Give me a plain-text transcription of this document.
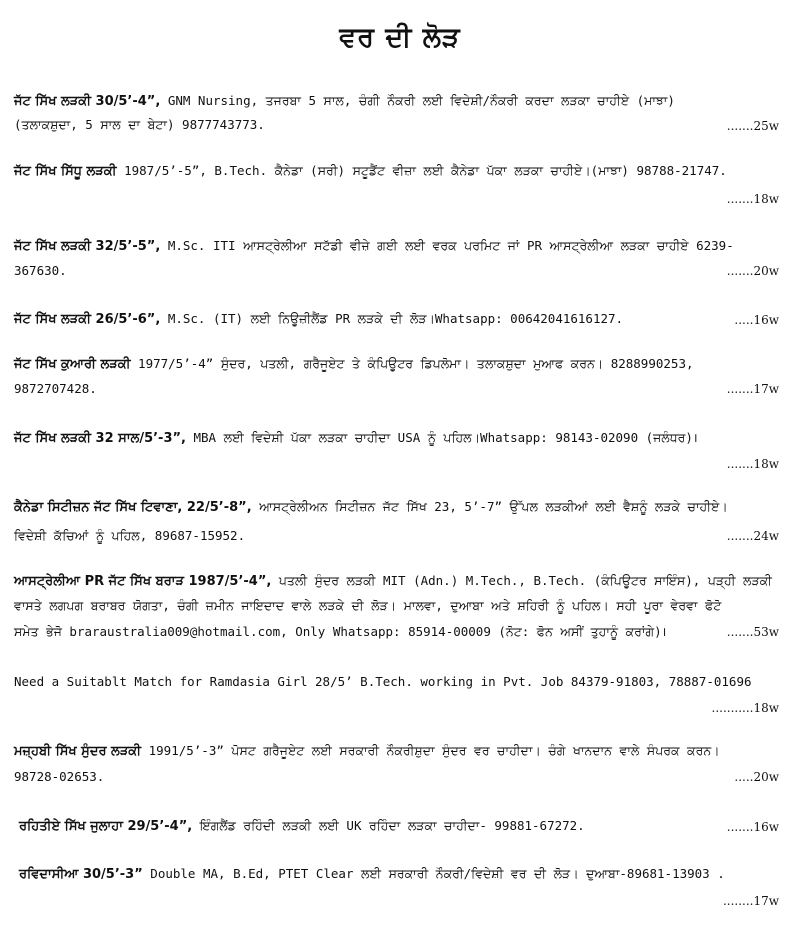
ਵਰ ਦੀ ਲੋੜ
ਜੱਟ ਸਿੱਖ ਲੜਕੀ 30/5’-4”, GNM Nursing, ਤਜਰਬਾ 5 ਸਾਲ, ਚੰਗੀ ਨੌਕਰੀ ਲਈ ਵਿਦੇਸ਼ੀ/ਨੌਕਰੀ ਕਰਦਾ ਲੜਕਾ ਚਾਹੀਏ (ਮਾਝਾ)
(ਤਲਾਕਸ਼ੁਦਾ, 5 ਸਾਲ ਦਾ ਬੇਟਾ) 9877743773.	.......25w
ਜੱਟ ਸਿੱਖ ਸਿੱਧੂ ਲੜਕੀ 1987/5’-5”, B.Tech. ਕੈਨੇਡਾ (ਸਰੀ) ਸਟੂਡੈਂਟ ਵੀਜ਼ਾ ਲਈ ਕੈਨੇਡਾ ਪੱਕਾ ਲੜਕਾ ਚਾਹੀਏ।(ਮਾਝਾ) 98788-21747.
.......18w
ਜੱਟ ਸਿੱਖ ਲੜਕੀ 32/5’-5”, M.Sc. ITI ਆਸਟ੍ਰੇਲੀਆ ਸਟੱਡੀ ਵੀਜ਼ੇ ਗਈ ਲਈ ਵਰਕ ਪਰਮਿਟ ਜਾਂ PR ਆਸਟ੍ਰੇਲੀਆ ਲੜਕਾ ਚਾਹੀਏ 6239-
367630.	.......20w
ਜੱਟ ਸਿੱਖ ਲੜਕੀ 26/5’-6”, M.Sc. (IT) ਲਈ ਨਿਊਜ਼ੀਲੈਂਡ PR ਲੜਕੇ ਦੀ ਲੋੜ।Whatsapp: 00642041616127.	.....16w
ਜੱਟ ਸਿੱਖ ਕੁਆਰੀ ਲੜਕੀ 1977/5’-4” ਸੁੰਦਰ, ਪਤਲੀ, ਗਰੈਜੂਏਟ ਤੇ ਕੰਪਿਊਟਰ ਡਿਪਲੋਮਾ। ਤਲਾਕਸ਼ੁਦਾ ਮੁਆਫ ਕਰਨ। 8288990253,
9872707428.	.......17w
ਜੱਟ ਸਿੱਖ ਲੜਕੀ 32 ਸਾਲ/5’-3”, MBA ਲਈ ਵਿਦੇਸ਼ੀ ਪੱਕਾ ਲੜਕਾ ਚਾਹੀਦਾ USA ਨੂੰ ਪਹਿਲ।Whatsapp: 98143-02090 (ਜਲੰਧਰ)।
.......18w
ਕੈਨੇਡਾ ਸਿਟੀਜ਼ਨ ਜੱਟ ਸਿੱਖ ਟਿਵਾਣਾ, 22/5’-8”, ਆਸਟ੍ਰੇਲੀਅਨ ਸਿਟੀਜ਼ਨ ਜੱਟ ਸਿੱਖ 23, 5’-7” ਉੱਪਲ ਲੜਕੀਆਂ ਲਈ ਵੈਸ਼ਨੂੰ ਲੜਕੇ ਚਾਹੀਏ।
ਵਿਦੇਸ਼ੀ ਕੱਚਿਆਂ ਨੂੰ ਪਹਿਲ, 89687-15952.	.......24w
ਆਸਟ੍ਰੇਲੀਆ PR ਜੱਟ ਸਿੱਖ ਬਰਾੜ 1987/5’-4”, ਪਤਲੀ ਸੁੰਦਰ ਲੜਕੀ MIT (Adn.) M.Tech., B.Tech. (ਕੰਪਿਊਟਰ ਸਾਇੰਸ), ਪੜ੍ਹੀ ਲੜਕੀ
ਵਾਸਤੇ ਲਗਪਗ ਬਰਾਬਰ ਯੋਗਤਾ, ਚੰਗੀ ਜ਼ਮੀਨ ਜਾਇਦਾਦ ਵਾਲੇ ਲੜਕੇ ਦੀ ਲੋੜ। ਮਾਲਵਾ, ਦੁਆਬਾ ਅਤੇ ਸ਼ਹਿਰੀ ਨੂੰ ਪਹਿਲ। ਸਹੀ ਪੂਰਾ ਵੇਰਵਾ ਫੋਟੋ
ਸਮੇਤ ਭੇਜੋ braraustralia009@hotmail.com, Only Whatsapp: 85914-00009 (ਨੋਟ: ਫੋਨ ਅਸੀਂ ਤੁਹਾਨੂੰ ਕਰਾਂਗੇ)।	.......53w
Need a Suitablt Match for Ramdasia Girl 28/5’ B.Tech. working in Pvt. Job 84379-91803, 78887-01696
...........18w
ਮਜ਼੍ਹਬੀ ਸਿੱਖ ਸੁੰਦਰ ਲੜਕੀ 1991/5’-3” ਪੋਸਟ ਗਰੈਜੂਏਟ ਲਈ ਸਰਕਾਰੀ ਨੌਕਰੀਸ਼ੁਦਾ ਸੁੰਦਰ ਵਰ ਚਾਹੀਦਾ। ਚੰਗੇ ਖਾਨਦਾਨ ਵਾਲੇ ਸੰਪਰਕ ਕਰਨ।
98728-02653.	.....20w
ਰਹਿਤੀਏ ਸਿੱਖ ਜੁਲਾਹਾ 29/5’-4”, ਇੰਗਲੈਂਡ ਰਹਿੰਦੀ ਲੜਕੀ ਲਈ UK ਰਹਿੰਦਾ ਲੜਕਾ ਚਾਹੀਦਾ- 99881-67272.	.......16w
ਰਵਿਦਾਸੀਆ 30/5’-3” Double MA, B.Ed, PTET Clear ਲਈ ਸਰਕਾਰੀ ਨੌਕਰੀ/ਵਿਦੇਸ਼ੀ ਵਰ ਦੀ ਲੋੜ। ਦੁਆਬਾ-89681-13903 .
........17w
